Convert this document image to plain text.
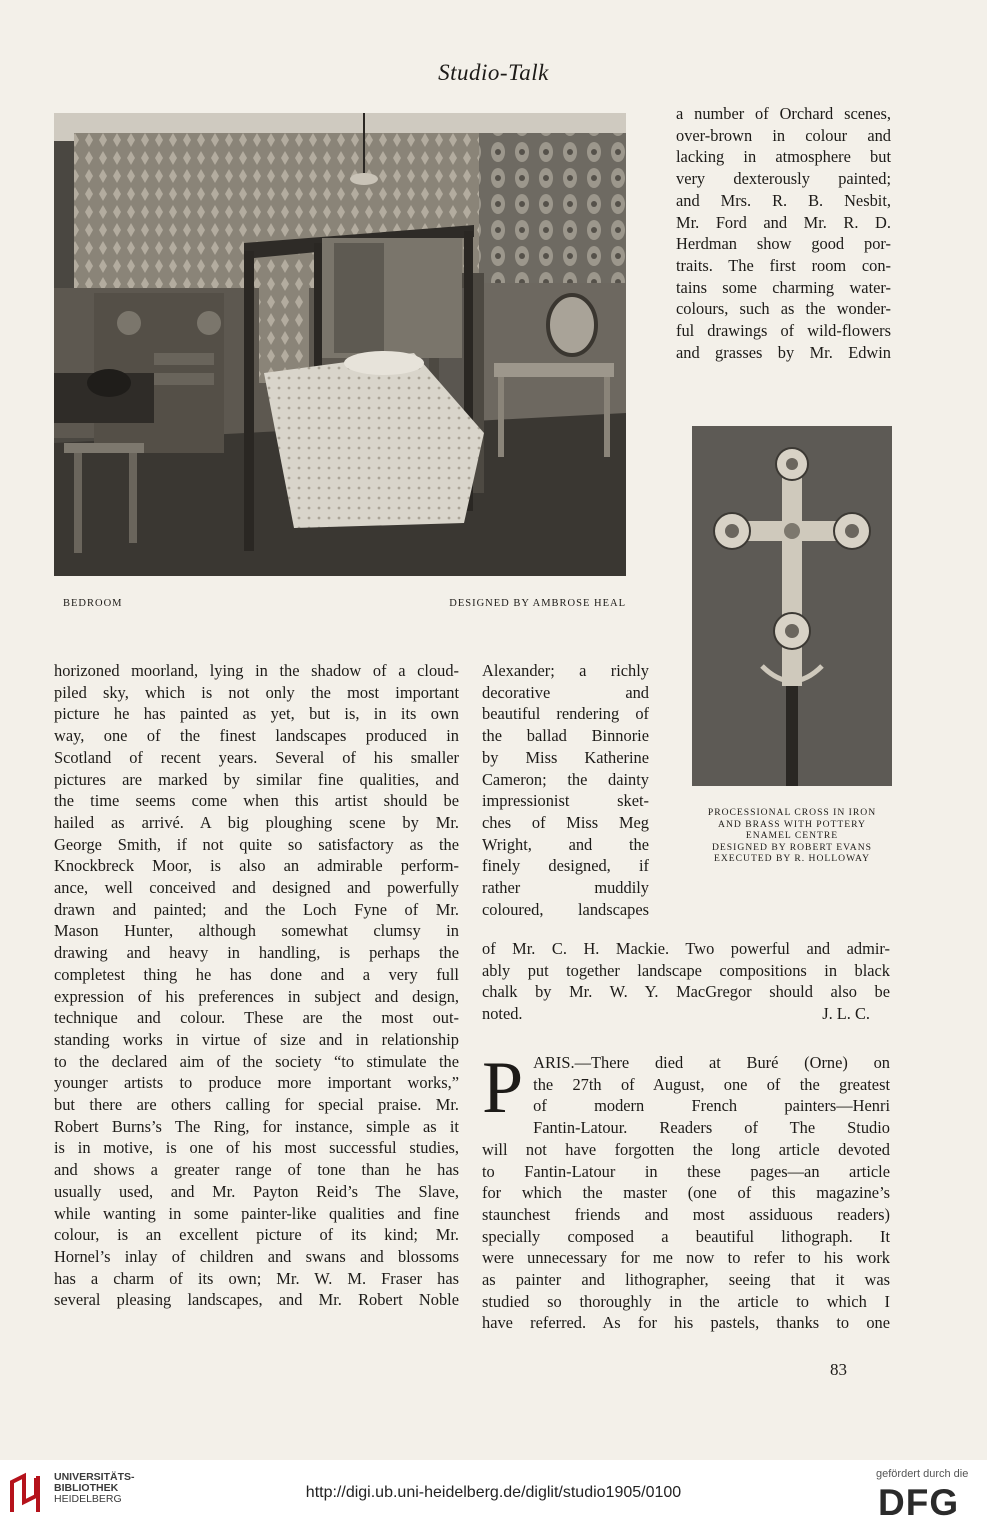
Studio-Talk
BEDROOM	DESIGNED BY AMBROSE HEAL
a number of Orchard scenes,
over-brown in colour and
lacking in atmosphere but
very dexterously painted;
and Mrs. R. B. Nesbit,
Mr. Ford and Mr. R. D.
Herdman show good por-
traits. The first room con-
tains some charming water-
colours, such as the wonder-
ful drawings of wild-flowers
and grasses by Mr. Edwin
PROCESSIONAL CROSS IN IRON
AND BRASS WITH POTTERY
ENAMEL CENTRE
DESIGNED BY ROBERT EVANS
EXECUTED BY R. HOLLOWAY
horizoned moorland, lying in the shadow of a cloud-
piled sky, which is not only the most important
picture he has painted as yet, but is, in its own
way, one of the finest landscapes produced in
Scotland of recent years. Several of his smaller
pictures are marked by similar fine qualities, and
the time seems come when this artist should be
hailed as arrivé. A big ploughing scene by Mr.
George Smith, if not quite so satisfactory as the
Knockbreck Moor, is also an admirable perform-
ance, well conceived and designed and powerfully
drawn and painted; and the Loch Fyne of Mr.
Mason Hunter, although somewhat clumsy in
drawing and heavy in handling, is perhaps the
completest thing he has done and a very full
expression of his preferences in subject and design,
technique and colour. These are the most out-
standing works in virtue of size and in relationship
to the declared aim of the society “to stimulate the
younger artists to produce more important works,”
but there are others calling for special praise. Mr.
Robert Burns’s The Ring, for instance, simple as it
is in motive, is one of his most successful studies,
and shows a greater range of tone than he has
usually used, and Mr. Payton Reid’s The Slave,
while wanting in some painter-like qualities and fine
colour, is an excellent picture of its kind; Mr.
Hornel’s inlay of children and swans and blossoms
has a charm of its own; Mr. W. M. Fraser has
several pleasing landscapes, and Mr. Robert Noble
Alexander; a richly
decorative and
beautiful rendering of
the ballad Binnorie
by Miss Katherine
Cameron; the dainty
impressionist sket-
ches of Miss Meg
Wright, and the
finely designed, if
rather muddily
coloured, landscapes
of Mr. C. H. Mackie. Two powerful and admir-
ably put together landscape compositions in black
chalk by Mr. W. Y. MacGregor should also be
noted.	J. L. C.
P ARIS.—There died at Buré (Orne) on
the 27th of August, one of the greatest
of modern French painters—Henri
Fantin-Latour. Readers of The Studio
will not have forgotten the long article devoted
to Fantin-Latour in these pages—an article
for which the master (one of this magazine’s
staunchest friends and most assiduous readers)
specially composed a beautiful lithograph. It
were unnecessary for me now to refer to his work
as painter and lithographer, seeing that it was
studied so thoroughly in the article to which I
have referred. As for his pastels, thanks to one
83
UNIVERSITÄTS-
BIBLIOTHEK
HEIDELBERG	http://digi.ub.uni-heidelberg.de/diglit/studio1905/0100
gefördert durch die
DFG
